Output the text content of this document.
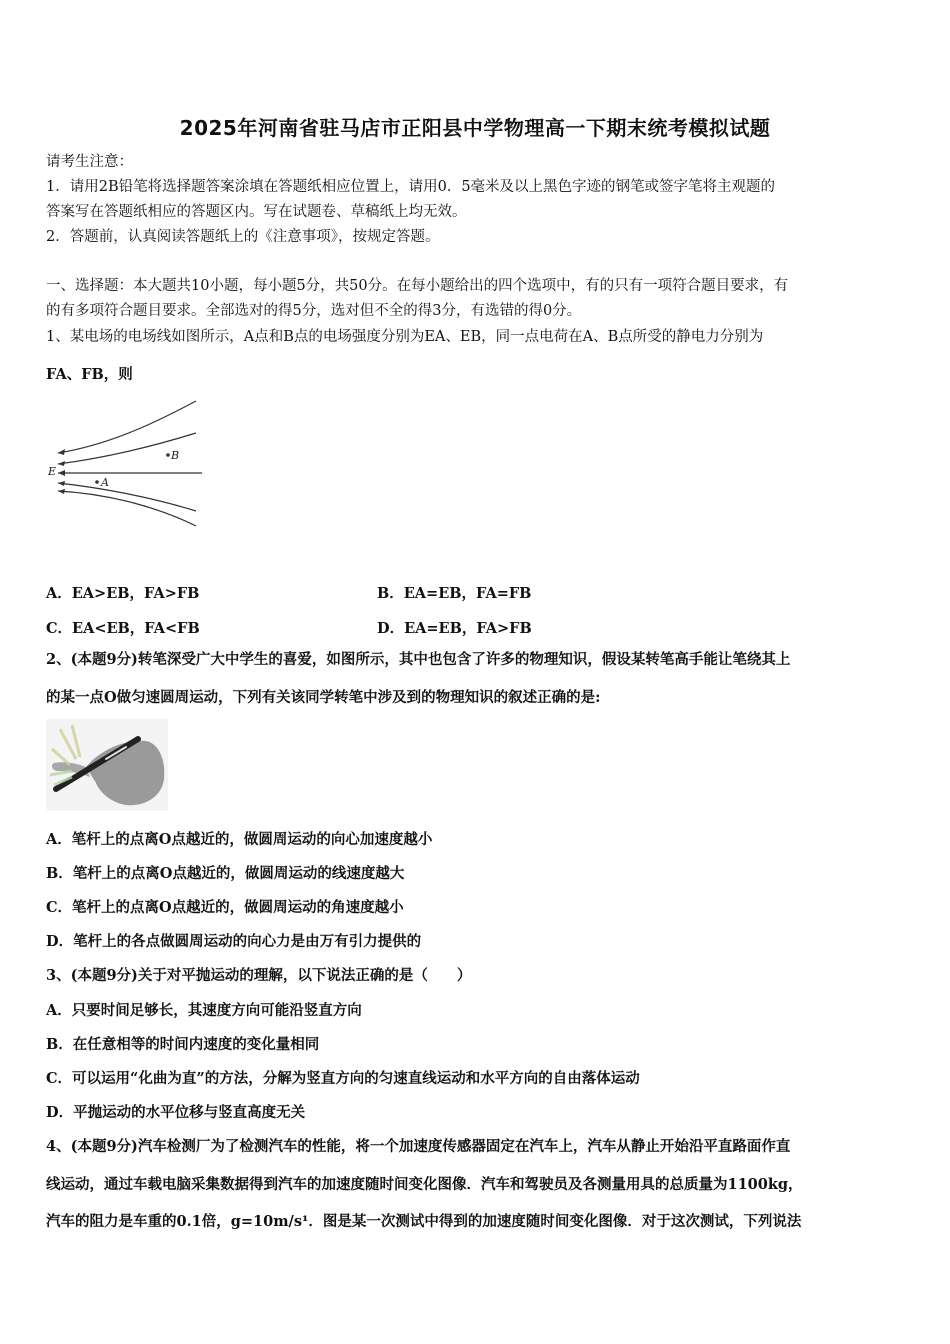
2025年河南省驻马店市正阳县中学物理高一下期末统考模拟试题
请考生注意：
1．请用2B铅笔将选择题答案涂填在答题纸相应位置上，请用0．5毫米及以上黑色字迹的钢笔或签字笔将主观题的
答案写在答题纸相应的答题区内。写在试题卷、草稿纸上均无效。
2．答题前，认真阅读答题纸上的《注意事项》，按规定答题。
一、选择题：本大题共10小题，每小题5分，共50分。在每小题给出的四个选项中，有的只有一项符合题目要求，有
的有多项符合题目要求。全部选对的得5分，选对但不全的得3分，有选错的得0分。
1、某电场的电场线如图所示，A点和B点的电场强度分别为EA、EB，同一点电荷在A、B点所受的静电力分别为
FA、FB，则
E
B
A
A．EA>EB，FA>FB	B．EA=EB，FA=FB
C．EA<EB，FA<FB	D．EA=EB，FA>FB
2、(本题9分)转笔深受广大中学生的喜爱，如图所示，其中也包含了许多的物理知识，假设某转笔高手能让笔绕其上
的某一点O做匀速圆周运动，下列有关该同学转笔中涉及到的物理知识的叙述正确的是:
A．笔杆上的点离O点越近的，做圆周运动的向心加速度越小
B．笔杆上的点离O点越近的，做圆周运动的线速度越大
C．笔杆上的点离O点越近的，做圆周运动的角速度越小
D．笔杆上的各点做圆周运动的向心力是由万有引力提供的
3、(本题9分)关于对平抛运动的理解，以下说法正确的是（　　）
A．只要时间足够长，其速度方向可能沿竖直方向
B．在任意相等的时间内速度的变化量相同
C．可以运用“化曲为直”的方法，分解为竖直方向的匀速直线运动和水平方向的自由落体运动
D．平抛运动的水平位移与竖直高度无关
4、(本题9分)汽车检测厂为了检测汽车的性能，将一个加速度传感器固定在汽车上，汽车从静止开始沿平直路面作直
线运动，通过车载电脑采集数据得到汽车的加速度随时间变化图像．汽车和驾驶员及各测量用具的总质量为1100kg，
汽车的阻力是车重的0.1倍，g=10m/s¹．图是某一次测试中得到的加速度随时间变化图像．对于这次测试，下列说法
